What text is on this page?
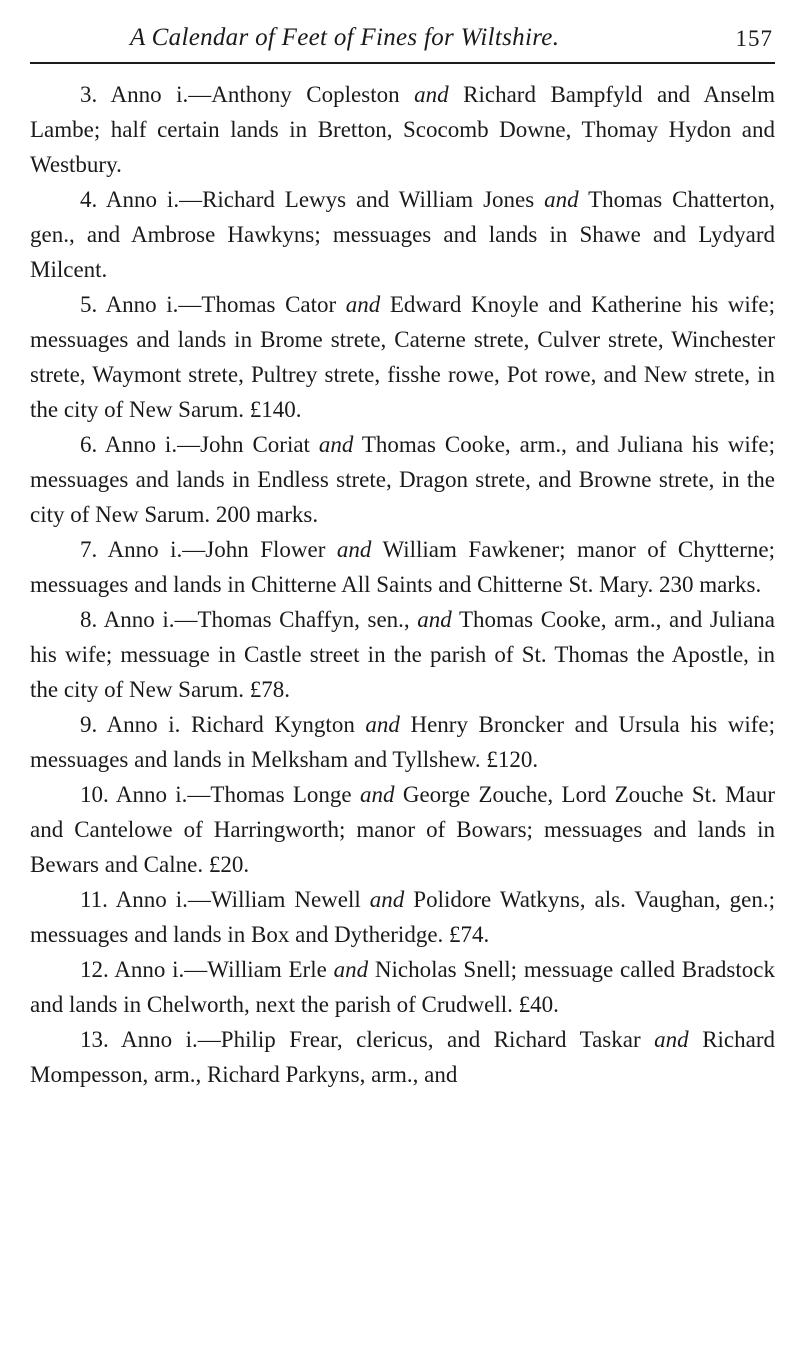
A Calendar of Feet of Fines for Wiltshire.	157

3. Anno i.—Anthony Copleston and Richard Bampfyld and Anselm Lambe; half certain lands in Bretton, Scocomb Downe, Thomay Hydon and Westbury.

4. Anno i.—Richard Lewys and William Jones and Thomas Chatterton, gen., and Ambrose Hawkyns; messuages and lands in Shawe and Lydyard Milcent.

5. Anno i.—Thomas Cator and Edward Knoyle and Katherine his wife; messuages and lands in Brome strete, Caterne strete, Culver strete, Winchester strete, Waymont strete, Pultrey strete, fisshe rowe, Pot rowe, and New strete, in the city of New Sarum. £140.

6. Anno i.—John Coriat and Thomas Cooke, arm., and Juliana his wife; messuages and lands in Endless strete, Dragon strete, and Browne strete, in the city of New Sarum. 200 marks.

7. Anno i.—John Flower and William Fawkener; manor of Chytterne; messuages and lands in Chitterne All Saints and Chitterne St. Mary. 230 marks.

8. Anno i.—Thomas Chaffyn, sen., and Thomas Cooke, arm., and Juliana his wife; messuage in Castle street in the parish of St. Thomas the Apostle, in the city of New Sarum. £78.

9. Anno i. Richard Kyngton and Henry Broncker and Ursula his wife; messuages and lands in Melksham and Tyllshew. £120.

10. Anno i.—Thomas Longe and George Zouche, Lord Zouche St. Maur and Cantelowe of Harringworth; manor of Bowars; messuages and lands in Bewars and Calne. £20.

11. Anno i.—William Newell and Polidore Watkyns, als. Vaughan, gen.; messuages and lands in Box and Dytheridge. £74.

12. Anno i.—William Erle and Nicholas Snell; messuage called Bradstock and lands in Chelworth, next the parish of Crudwell. £40.

13. Anno i.—Philip Frear, clericus, and Richard Taskar and Richard Mompesson, arm., Richard Parkyns, arm., and
